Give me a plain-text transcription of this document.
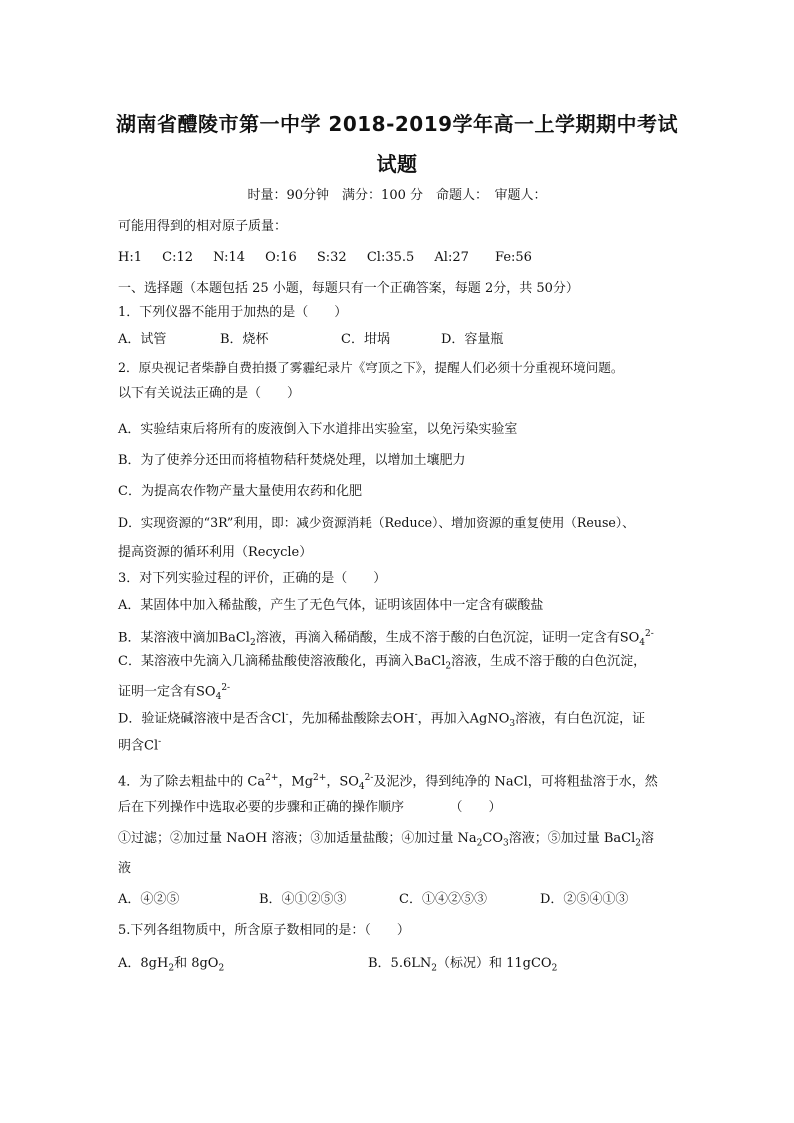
湖南省醴陵市第一中学 2018-2019学年高一上学期期中考试
试题
时量：90分钟　满分：100 分　命题人：　审题人：
可能用得到的相对原子质量：
H:1 C:12 N:14 O:16 S:32 Cl:35.5 Al:27 Fe:56
一、选择题（本题包括 25 小题，每题只有一个正确答案，每题 2分，共 50分）
1．下列仪器不能用于加热的是（　　）
A．试管	B．烧杯	C．坩埚	D．容量瓶
2．原央视记者柴静自费拍摄了雾霾纪录片《穹顶之下》，提醒人们必须十分重视环境问题。
以下有关说法正确的是（　　）
A．实验结束后将所有的废液倒入下水道排出实验室，以免污染实验室
B．为了使养分还田而将植物秸秆焚烧处理，以增加土壤肥力
C．为提高农作物产量大量使用农药和化肥
D．实现资源的“3R”利用，即：减少资源消耗（Reduce）、增加资源的重复使用（Reuse）、
提高资源的循环利用（Recycle）
3．对下列实验过程的评价，正确的是（　　）
A．某固体中加入稀盐酸，产生了无色气体，证明该固体中一定含有碳酸盐
B．某溶液中滴加BaCl$_2$溶液，再滴入稀硝酸，生成不溶于酸的白色沉淀，证明一定含有$SO_4^{2-}$
C．某溶液中先滴入几滴稀盐酸使溶液酸化，再滴入BaCl$_2$溶液，生成不溶于酸的白色沉淀，
证明一定含有$SO_4^{2-}$
D．验证烧碱溶液中是否含Cl-，先加稀盐酸除去OH-，再加入AgNO$_3$溶液，有白色沉淀，证
明含Cl-
4．为了除去粗盐中的 $Ca^{2+}$，$Mg^{2+}$，$SO_4^{2-}$及泥沙，得到纯净的 NaCl，可将粗盐溶于水，然
后在下列操作中选取必要的步骤和正确的操作顺序　　　　（　　）
①过滤；②加过量 NaOH 溶液；③加适量盐酸；④加过量 $Na_2CO_3$溶液；⑤加过量 BaCl$_2$溶
液
A．④②⑤	B．④①②⑤③	C．①④②⑤③	D．②⑤④①③
5.下列各组物质中，所含原子数相同的是：（　　）
A．$8gH_2$和 $8gO_2$	B．$5.6LN_2$（标况）和 11gCO$_2$
